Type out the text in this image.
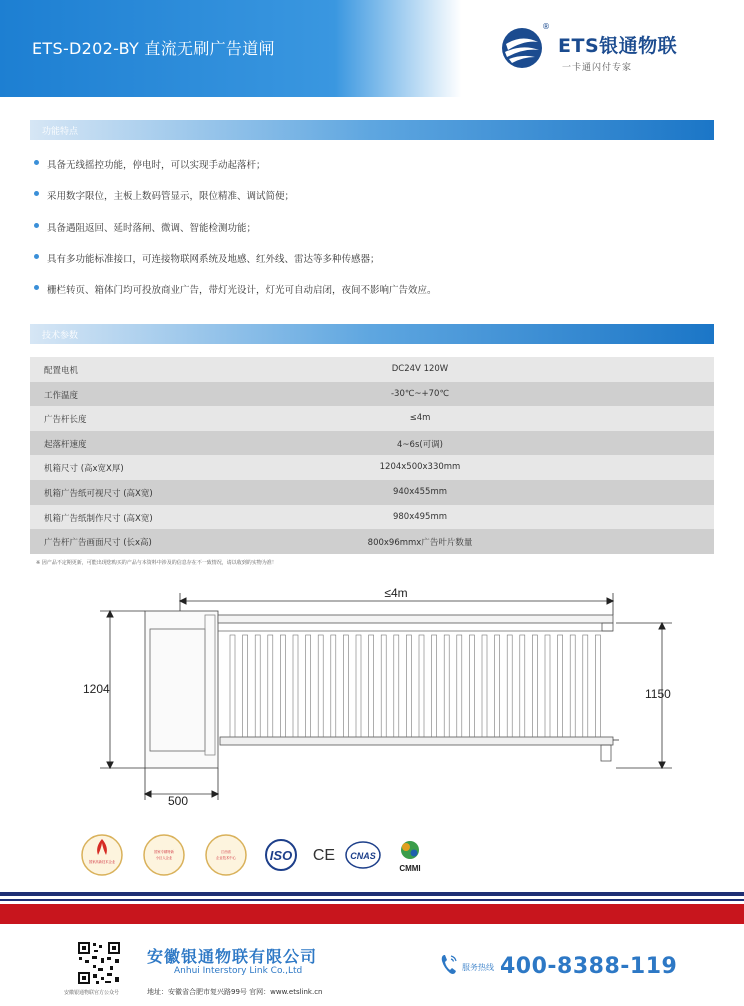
ETS-D202-BY 直流无刷广告道闸
®
ETS银通物联
一卡通闪付专家
功能特点
具备无线摇控功能，停电时，可以实现手动起落杆；
采用数字限位，主板上数码管显示，限位精准、调试简便；
具备遇阻返回、延时落闸、微调、智能检测功能；
具有多功能标准接口，可连接物联网系统及地感、红外线、雷达等多种传感器；
栅栏转页、箱体门均可投放商业广告，带灯光设计，灯光可自动启闭，夜间不影响广告效应。
技术参数
配置电机	DC24V 120W
工作温度	-30℃~+70℃
广告杆长度	≤4m
起落杆速度	4~6s(可调)
机箱尺寸 (高x宽X厚)	1204x500x330mm
机箱广告纸可视尺寸 (高X宽)	940x455mm
机箱广告纸制作尺寸 (高X宽)	980x495mm
广告杆广告画面尺寸 (长x高)	800x96mmx广告叶片数量
※ 因产品不定期更新，可能出现您购买的产品与本资料中涉及的信息存在不一致情况，请以收到的实物为准！
≤4m
1204	1150
500
国家高新技术企业
国家专精特新
小巨人企业
江西省
企业技术中心	ISO CE CNAS
CMMI
安徽银通物联官方公众号
安徽银通物联有限公司
Anhui Interstory Link Co.,Ltd
地址：安徽省合肥市复兴路99号 官网：www.etslink.cn
服务热线 400-8388-119
